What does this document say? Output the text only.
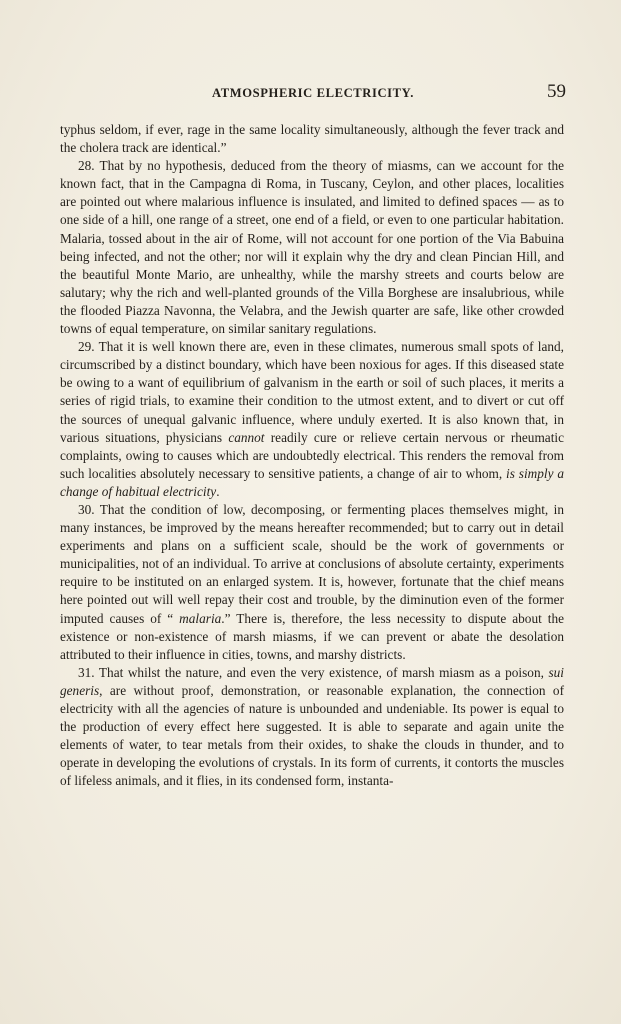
ATMOSPHERIC ELECTRICITY.	59

typhus seldom, if ever, rage in the same locality simultaneously, although the fever track and the cholera track are identical.”

28. That by no hypothesis, deduced from the theory of miasms, can we account for the known fact, that in the Campagna di Roma, in Tuscany, Ceylon, and other places, localities are pointed out where malarious influence is insulated, and limited to defined spaces — as to one side of a hill, one range of a street, one end of a field, or even to one particular habitation. Malaria, tossed about in the air of Rome, will not account for one portion of the Via Babuina being infected, and not the other; nor will it explain why the dry and clean Pincian Hill, and the beautiful Monte Mario, are unhealthy, while the marshy streets and courts below are salutary; why the rich and well-planted grounds of the Villa Borghese are insalubrious, while the flooded Piazza Navonna, the Velabra, and the Jewish quarter are safe, like other crowded towns of equal temperature, on similar sanitary regulations.

29. That it is well known there are, even in these climates, numerous small spots of land, circumscribed by a distinct boundary, which have been noxious for ages. If this diseased state be owing to a want of equilibrium of galvanism in the earth or soil of such places, it merits a series of rigid trials, to examine their condition to the utmost extent, and to divert or cut off the sources of unequal galvanic influence, where unduly exerted. It is also known that, in various situations, physicians cannot readily cure or relieve certain nervous or rheumatic complaints, owing to causes which are undoubtedly electrical. This renders the removal from such localities absolutely necessary to sensitive patients, a change of air to whom, is simply a change of habitual electricity.

30. That the condition of low, decomposing, or fermenting places themselves might, in many instances, be improved by the means hereafter recommended; but to carry out in detail experiments and plans on a sufficient scale, should be the work of governments or municipalities, not of an individual. To arrive at conclusions of absolute certainty, experiments require to be instituted on an enlarged system. It is, however, fortunate that the chief means here pointed out will well repay their cost and trouble, by the diminution even of the former imputed causes of “ malaria.” There is, therefore, the less necessity to dispute about the existence or non-existence of marsh miasms, if we can prevent or abate the desolation attributed to their influence in cities, towns, and marshy districts.

31. That whilst the nature, and even the very existence, of marsh miasm as a poison, sui generis, are without proof, demonstration, or reasonable explanation, the connection of electricity with all the agencies of nature is unbounded and undeniable. Its power is equal to the production of every effect here suggested. It is able to separate and again unite the elements of water, to tear metals from their oxides, to shake the clouds in thunder, and to operate in developing the evolutions of crystals. In its form of currents, it contorts the muscles of lifeless animals, and it flies, in its condensed form, instanta-
